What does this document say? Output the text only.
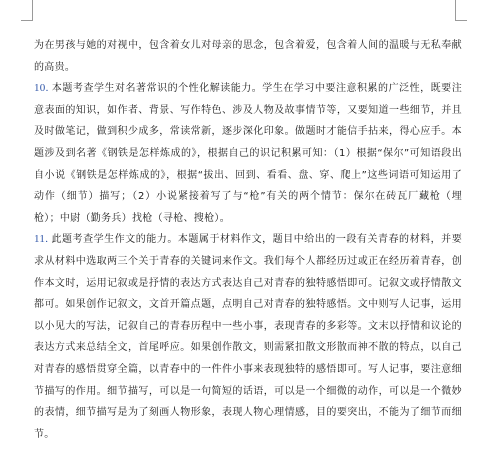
为在男孩与她的对视中，包含着女儿对母亲的思念，包含着爱，包含着人间的温暖与无私奉献的高贵。

10. 本题考查学生对名著常识的个性化解读能力。学生在学习中要注意积累的广泛性，既要注意表面的知识，如作者、背景、写作特色、涉及人物及故事情节等，又要知道一些细节，并且及时做笔记，做到积少成多，常读常新，逐步深化印象。做题时才能信手拈来，得心应手。本题涉及到名著《钢铁是怎样炼成的》，根据自己的识记积累可知：（1）根据“保尔”可知语段出自小说《钢铁是怎样炼成的》，根据“拔出、回到、看看、盘、穿、爬上”这些词语可知运用了动作（细节）描写；（2）小说紧接着写了与“枪”有关的两个情节：保尔在砖瓦厂藏枪（埋枪）；中尉（勤务兵）找枪（寻枪、搜枪）。

11. 此题考查学生作文的能力。本题属于材料作文，题目中给出的一段有关青春的材料，并要求从材料中选取两三个关于青春的关键词来作文。我们每个人都经历过或正在经历着青春，创作本文时，运用记叙或是抒情的表达方式表达自己对青春的独特感悟即可。记叙文或抒情散文都可。如果创作记叙文，文首开篇点题，点明自己对青春的独特感悟。文中则写人记事，运用以小见大的写法，记叙自己的青春历程中一些小事，表现青春的多彩等。文末以抒情和议论的表达方式来总结全文，首尾呼应。如果创作散文，则需紧扣散文形散而神不散的特点，以自己对青春的感悟贯穿全篇，以青春中的一件件小事来表现独特的感悟即可。写人记事，要注意细节描写的作用。细节描写，可以是一句简短的话语，可以是一个细微的动作，可以是一个微妙的表情，细节描写是为了刻画人物形象，表现人物心理情感，目的要突出，不能为了细节而细节。
